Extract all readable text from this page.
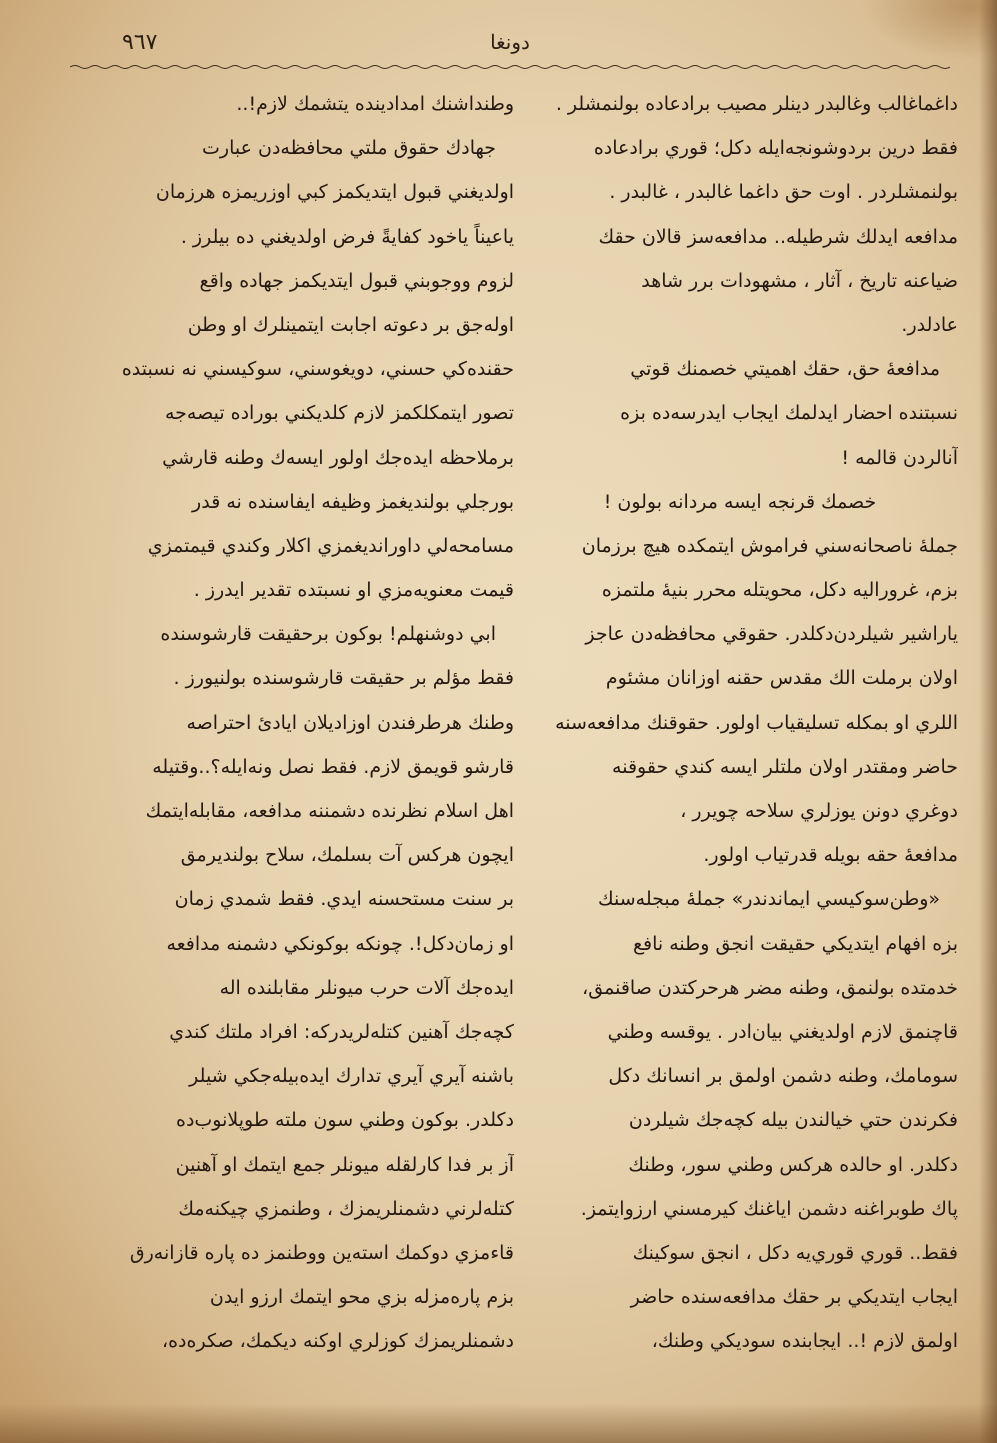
دونغا
٩٦٧
داغماغالب وغالبدر دينلر مصيب برادعاده بولنمشلر .
فقط درين بردوشونجه‌ايله دكل؛ قوري برادعاده
بولنمشلردر . اوت حق داغما غالبدر ، غالبدر .
مدافعه ايدلك شرطيله.. مدافعه‌سز قالان حقك
ضياعنه تاريخ ، آثار ، مشهودات برر شاهد
عادلدر.
مدافعهٔ حق، حقك اهميتي خصمنك قوتي
نسبتنده احضار ايدلمك ايجاب ايدرسه‌ده بزه
آنالردن قالمه !
خصمك قرنجه ايسه مردانه بولون !
جملهٔ ناصحانه‌سني فراموش ايتمكده هيچ برزمان
بزم، غروراليه دكل، محويتله محرر بنيهٔ ملتمزه
ياراشير شيلردن‌دكلدر. حقوقي محافظه‌دن عاجز
اولان برملت الك مقدس حقنه اوزانان مشئوم
اللري او بمكله تسليقياب اولور. حقوقنك مدافعه‌سنه
حاضر ومقتدر اولان ملتلر ايسه كندي حقوقنه
دوغري دونن يوزلري سلاحه چويرر ،
مدافعهٔ حقه بويله قدرتياب اولور.
«وطن‌سوكيسي ايماندندر» جملهٔ مبجله‌سنك
بزه افهام ايتديكي حقيقت انجق وطنه نافع
خدمتده بولنمق، وطنه مضر هرحركتدن صاقنمق،
قاچنمق لازم اولديغني بيان‌ادر . يوقسه وطني
سومامك، وطنه دشمن اولمق بر انسانك دكل
فكرندن حتي خيالندن بيله كچه‌جك شيلردن
دكلدر. او حالده هركس وطني سور، وطنك
پاك طوبراغنه دشمن اياغنك كيرمسني ارزوايتمز.
فقط.. قوري قوري‌يه دكل ، انجق سوكينك
ايجاب ايتديكي بر حقك مدافعه‌سنده حاضر
اولمق لازم !.. ايجابنده سوديكي وطنك،
وطنداشنك امدادينده يتشمك لازم!..
جهادك حقوق ملتي محافظه‌دن عبارت
اولديغني قبول ايتديكمز كبي اوزريمزه هرزمان
ياعيناً ياخود كفايةً فرض اولديغني ده بيلرز .
لزوم ووجوبني قبول ايتديكمز جهاده واقع
اوله‌جق بر دعوته اجابت ايتمينلرك او وطن
حقنده‌كي حسني، دويغوسني، سوكيسني نه نسبتده
تصور ايتمكلكمز لازم كلديكني بوراده تيصه‌جه
برملاحظه ايده‌جك اولور ايسه‌ك وطنه قارشي
بورجلي بولنديغمز وظيفه ايفاسنده نه قدر
مسامحه‌لي داوراندیغمزي اكلار وكندي قيمتمزي
قيمت معنويه‌مزي او نسبتده تقدير ايدرز .
ابي دوشنهلم! بوكون برحقيقت قارشوسنده
فقط مؤلم بر حقيقت قارشوسنده بولنيورز .
وطنك هرطرفندن اوزادیلان ایادئ احتراصه
قارشو قويمق لازم. فقط نصل ونه‌ايله؟..وقتيله
اهل اسلام نظرنده دشمننه مدافعه، مقابله‌ايتمك
ايچون هركس آت بسلمك، سلاح بولندیرمق
بر سنت مستحسنه ايدي. فقط شمدي زمان
او زمان‌دكل!. چونكه بوكونكي دشمنه مدافعه
ايده‌جك آلات حرب ميونلر مقابلنده اله
كچه‌جك آهنين كتله‌لريدركه: افراد ملتك كندي
باشنه آيري آيري تدارك ايده‌بيله‌جكي شيلر
دكلدر. بوكون وطني سون ملته طوپلانوب‌ده
آز بر فدا كارلقله ميونلر جمع ايتمك او آهنين
كتله‌لرني دشمنلريمزك ، وطنمزي چيكنه‌مك
قاءمزي دوكمك استه‌ين ووطنمز ده پاره قازانه‌رق
بزم پاره‌مزله بزي محو ايتمك ارزو ايدن
دشمنلريمزك كوزلري اوكنه ديكمك، صكره‌ده،
